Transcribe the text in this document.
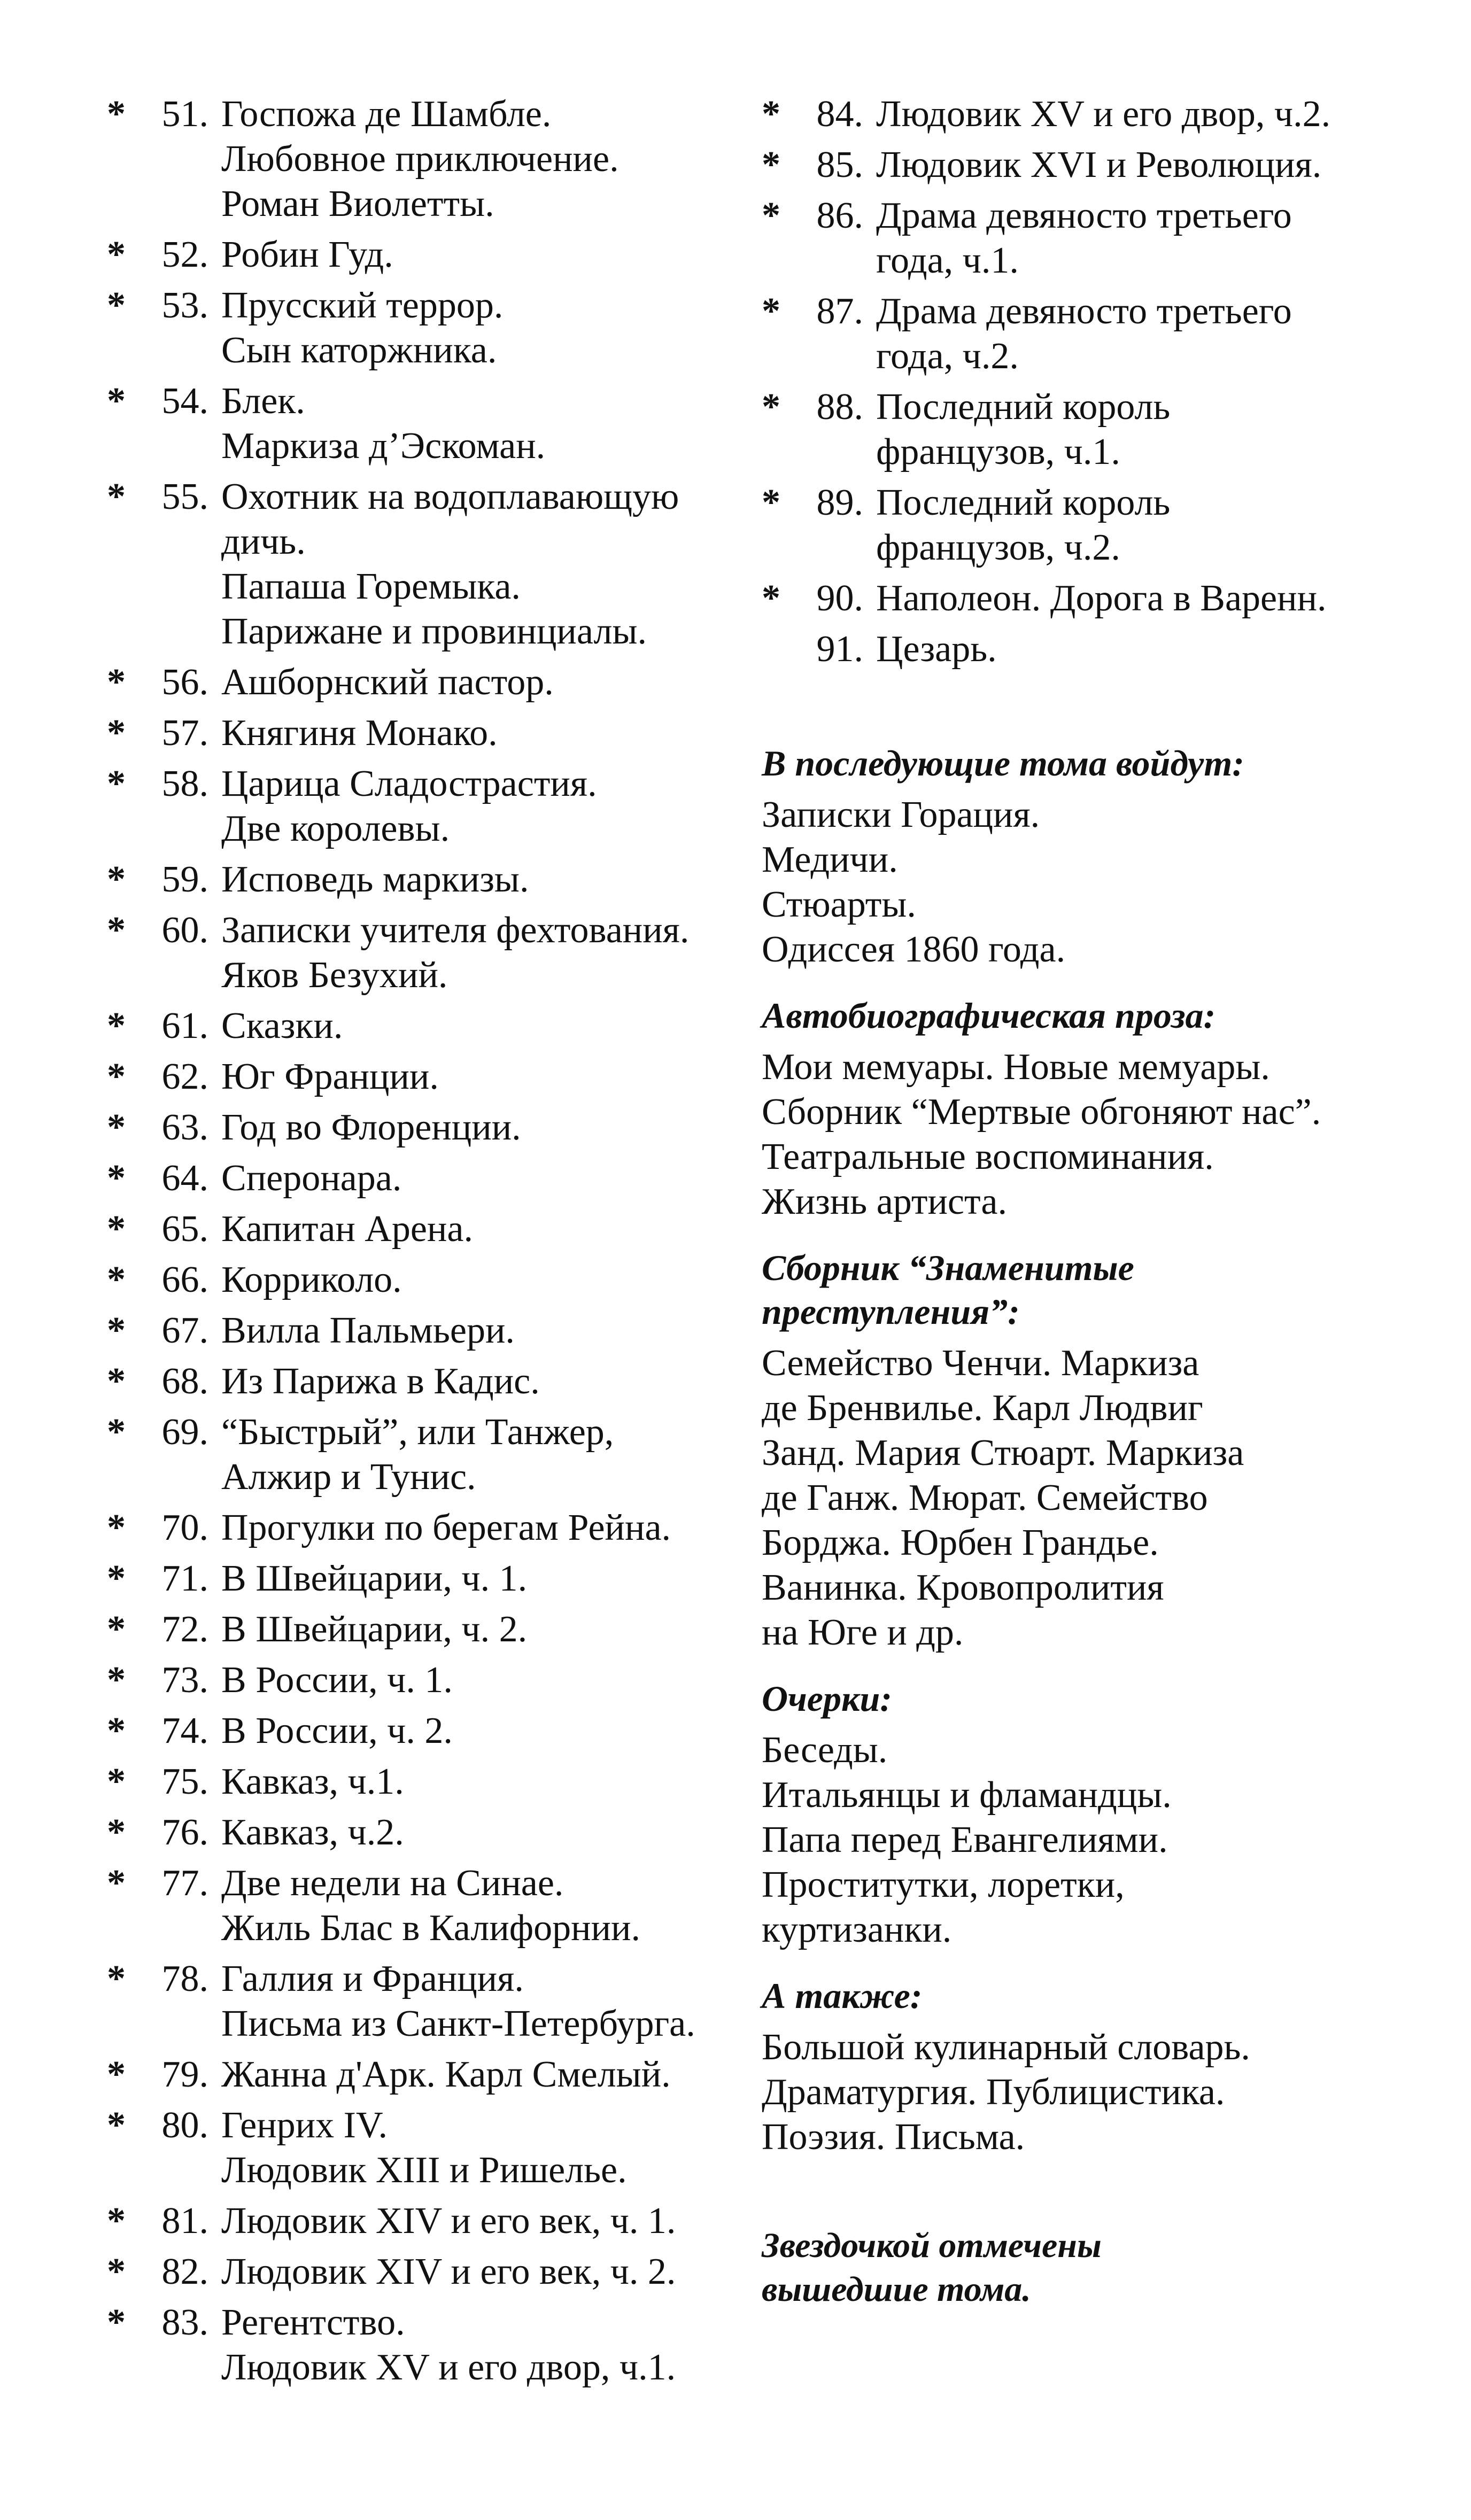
* 51. Госпожа де Шамбле.
Любовное приключение.
Роман Виолетты.
* 52. Робин Гуд.
* 53. Прусский террор.
Сын каторжника.
* 54. Блек.
Маркиза д’Эскоман.
* 55. Охотник на водоплавающую
дичь.
Папаша Горемыка.
Парижане и провинциалы.
* 56. Ашборнский пастор.
* 57. Княгиня Монако.
* 58. Царица Сладострастия.
Две королевы.
* 59. Исповедь маркизы.
* 60. Записки учителя фехтования.
Яков Безухий.
* 61. Сказки.
* 62. Юг Франции.
* 63. Год во Флоренции.
* 64. Сперонара.
* 65. Капитан Арена.
* 66. Корриколо.
* 67. Вилла Пальмьери.
* 68. Из Парижа в Кадис.
* 69. “Быстрый”, или Танжер,
Алжир и Тунис.
* 70. Прогулки по берегам Рейна.
* 71. В Швейцарии, ч. 1.
* 72. В Швейцарии, ч. 2.
* 73. В России, ч. 1.
* 74. В России, ч. 2.
* 75. Кавказ, ч.1.
* 76. Кавказ, ч.2.
* 77. Две недели на Синае.
Жиль Блас в Калифорнии.
* 78. Галлия и Франция.
Письма из Санкт-Петербурга.
* 79. Жанна д'Арк. Карл Смелый.
* 80. Генрих IV.
Людовик XIII и Ришелье.
* 81. Людовик XIV и его век, ч. 1.
* 82. Людовик XIV и его век, ч. 2.
* 83. Регентство.
Людовик XV и его двор, ч.1.
* 84. Людовик XV и его двор, ч.2.
* 85. Людовик XVI и Революция.
* 86. Драма девяносто третьего
года, ч.1.
* 87. Драма девяносто третьего
года, ч.2.
* 88. Последний король
французов, ч.1.
* 89. Последний король
французов, ч.2.
* 90. Наполеон. Дорога в Варенн.
91. Цезарь.
В последующие тома войдут:
Записки Горация.
Медичи.
Стюарты.
Одиссея 1860 года.
Автобиографическая проза:
Мои мемуары. Новые мемуары.
Сборник “Мертвые обгоняют нас”.
Театральные воспоминания.
Жизнь артиста.
Сборник “Знаменитые
преступления”:
Семейство Ченчи. Маркиза
де Бренвилье. Карл Людвиг
Занд. Мария Стюарт. Маркиза
де Ганж. Мюрат. Семейство
Борджа. Юрбен Грандье.
Ванинка. Кровопролития
на Юге и др.
Очерки:
Беседы.
Итальянцы и фламандцы.
Папа перед Евангелиями.
Проститутки, лоретки,
куртизанки.
А также:
Большой кулинарный словарь.
Драматургия. Публицистика.
Поэзия. Письма.
Звездочкой отмечены
вышедшие тома.
